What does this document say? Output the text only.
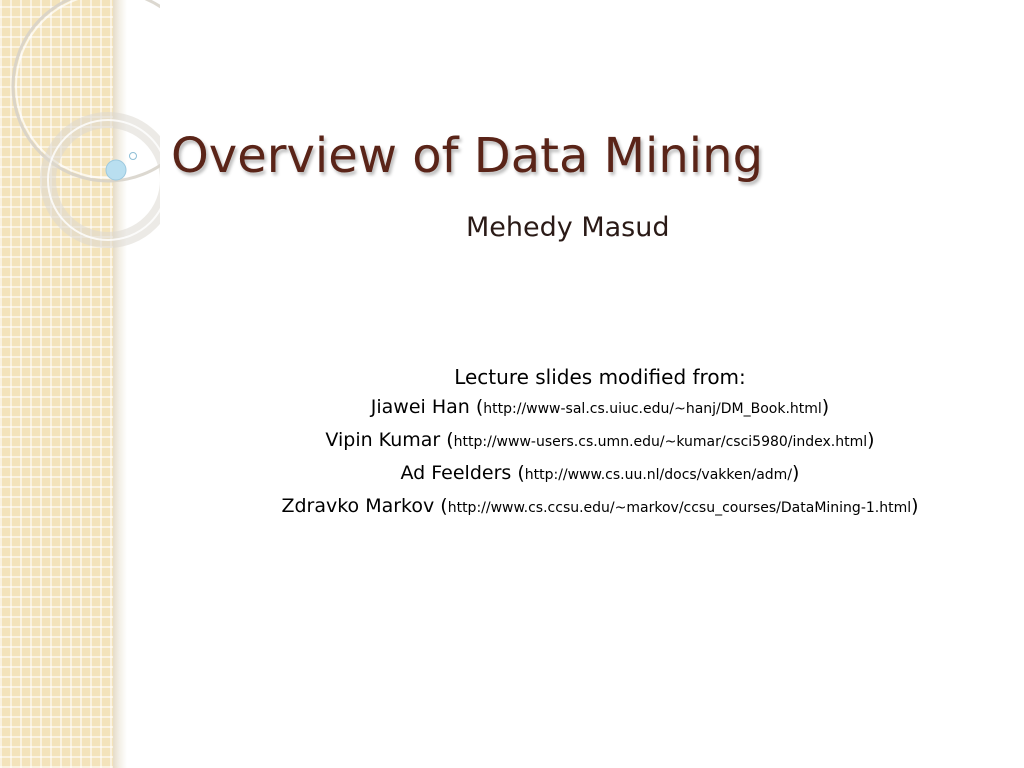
Overview of Data Mining
Mehedy Masud
Lecture slides modified from:
Jiawei Han (http://www-sal.cs.uiuc.edu/~hanj/DM_Book.html)
Vipin Kumar (http://www-users.cs.umn.edu/~kumar/csci5980/index.html)
Ad Feelders (http://www.cs.uu.nl/docs/vakken/adm/)
Zdravko Markov (http://www.cs.ccsu.edu/~markov/ccsu_courses/DataMining-1.html)
